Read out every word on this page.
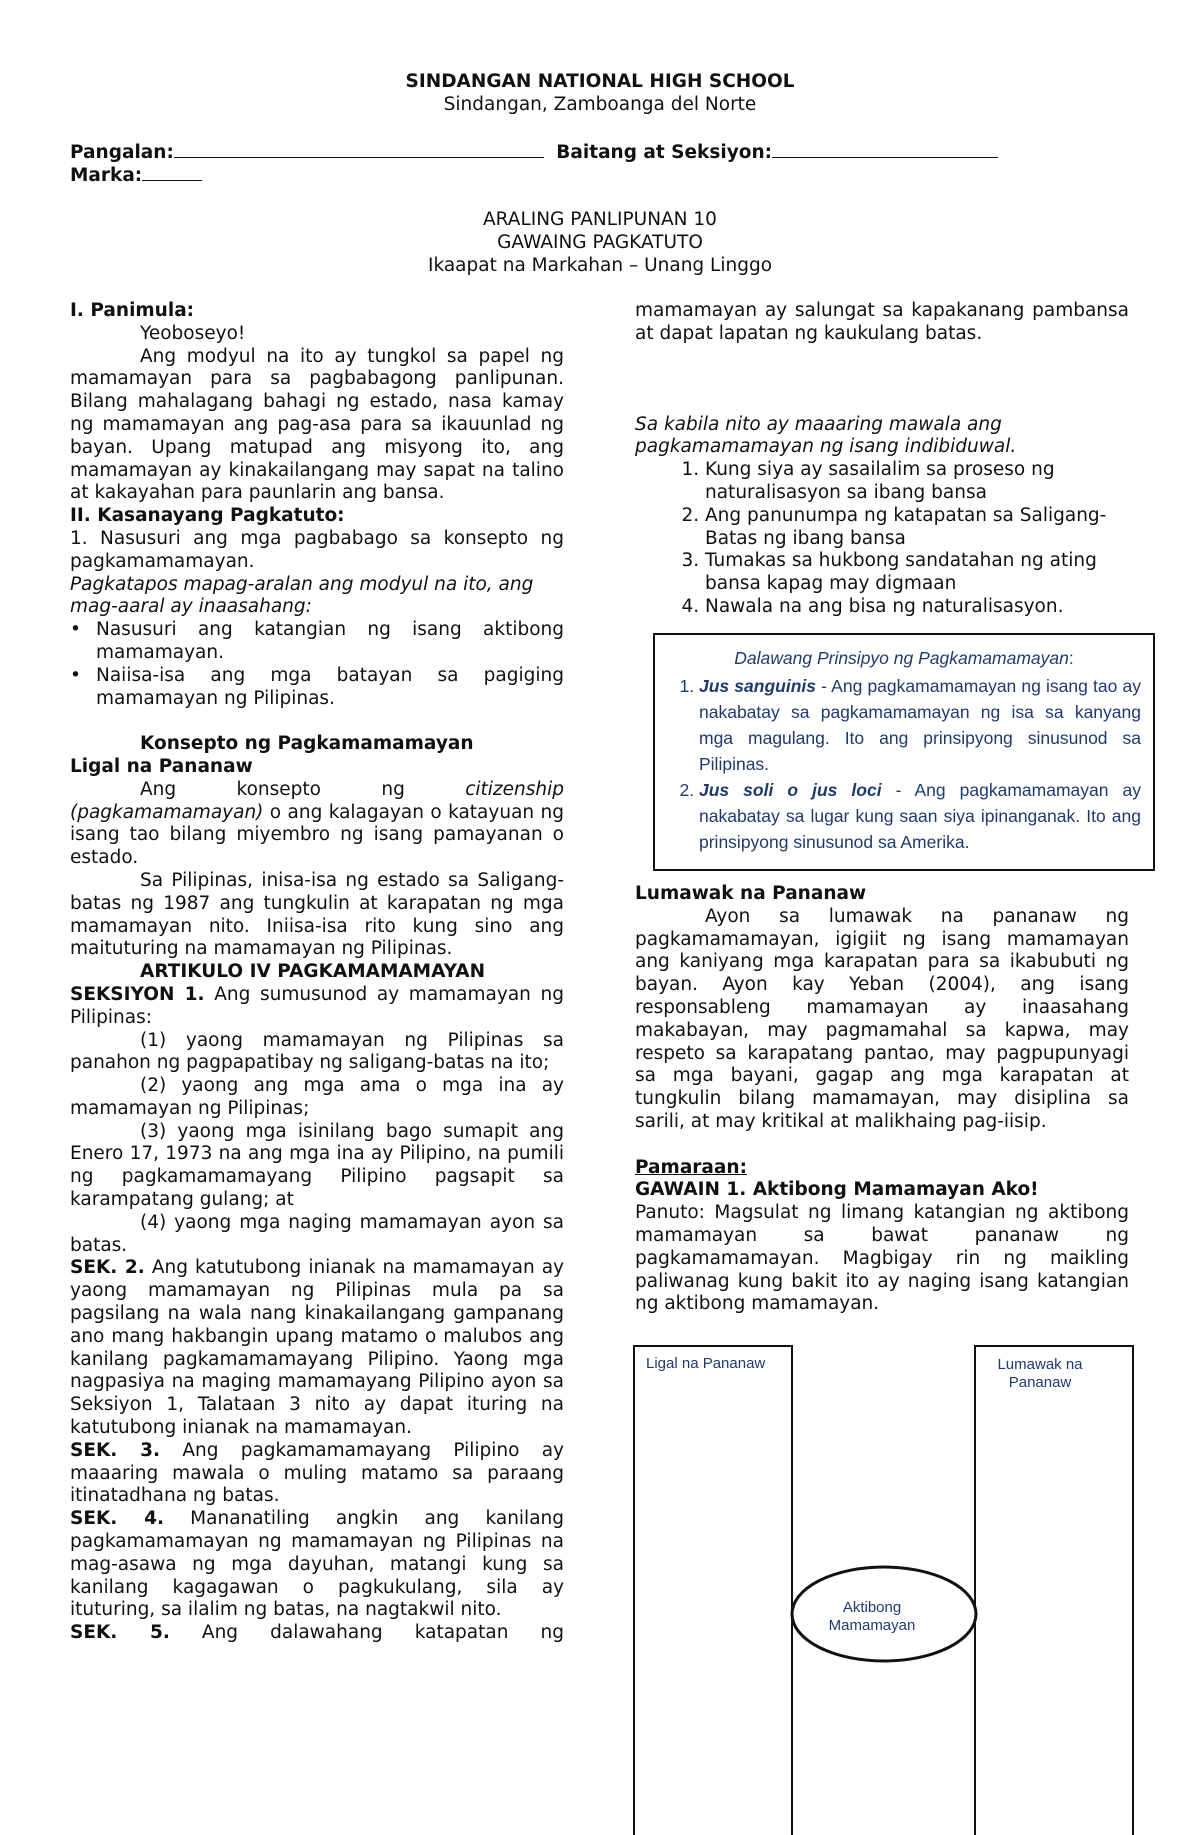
SINDANGAN NATIONAL HIGH SCHOOL
Sindangan, Zamboanga del Norte
Pangalan:	Baitang at Seksiyon:
Marka:
ARALING PANLIPUNAN 10
GAWAING PAGKATUTO
Ikaapat na Markahan – Unang Linggo

I. Panimula:

Yeoboseyo!

Ang modyul na ito ay tungkol sa papel ng mamamayan para sa pagbabagong panlipunan. Bilang mahalagang bahagi ng estado, nasa kamay ng mamamayan ang pag-asa para sa ikauunlad ng bayan. Upang matupad ang misyong ito, ang mamamayan ay kinakailangang may sapat na talino at kakayahan para paunlarin ang bansa.

II. Kasanayang Pagkatuto:

1. Nasusuri ang mga pagbabago sa konsepto ng pagkamamamayan.

Pagkatapos mapag-aralan ang modyul na ito, ang mag-aaral ay inaasahang:

• Nasusuri ang katangian ng isang aktibong mamamayan.
• Naiisa-isa ang mga batayan sa pagiging mamamayan ng Pilipinas.

Konsepto ng Pagkamamamayan

Ligal na Pananaw

Ang konsepto ng citizenship (pagkamamamayan) o ang kalagayan o katayuan ng isang tao bilang miyembro ng isang pamayanan o estado.

Sa Pilipinas, inisa-isa ng estado sa Saligang-batas ng 1987 ang tungkulin at karapatan ng mga mamamayan nito. Iniisa-isa rito kung sino ang maituturing na mamamayan ng Pilipinas.

ARTIKULO IV PAGKAMAMAMAYAN

SEKSIYON 1. Ang sumusunod ay mamamayan ng Pilipinas:

(1) yaong mamamayan ng Pilipinas sa panahon ng pagpapatibay ng saligang-batas na ito;

(2) yaong ang mga ama o mga ina ay mamamayan ng Pilipinas;

(3) yaong mga isinilang bago sumapit ang Enero 17, 1973 na ang mga ina ay Pilipino, na pumili ng pagkamamamayang Pilipino pagsapit sa karampatang gulang; at

(4) yaong mga naging mamamayan ayon sa batas.

SEK. 2. Ang katutubong inianak na mamamayan ay yaong mamamayan ng Pilipinas mula pa sa pagsilang na wala nang kinakailangang gampanang ano mang hakbangin upang matamo o malubos ang kanilang pagkamamamayang Pilipino. Yaong mga nagpasiya na maging mamamayang Pilipino ayon sa Seksiyon 1, Talataan 3 nito ay dapat ituring na katutubong inianak na mamamayan.

SEK. 3. Ang pagkamamamayang Pilipino ay maaaring mawala o muling matamo sa paraang itinatadhana ng batas.

SEK. 4. Mananatiling angkin ang kanilang pagkamamamayan ng mamamayan ng Pilipinas na mag-asawa ng mga dayuhan, matangi kung sa kanilang kagagawan o pagkukulang, sila ay ituturing, sa ilalim ng batas, na nagtakwil nito.

SEK. 5. Ang dalawahang katapatan ng

mamamayan ay salungat sa kapakanang pambansa at dapat lapatan ng kaukulang batas.

Sa kabila nito ay maaaring mawala ang pagkamamamayan ng isang indibiduwal.

1. Kung siya ay sasailalim sa proseso ng naturalisasyon sa ibang bansa
2. Ang panunumpa ng katapatan sa Saligang-Batas ng ibang bansa
3. Tumakas sa hukbong sandatahan ng ating bansa kapag may digmaan
4. Nawala na ang bisa ng naturalisasyon.
Dalawang Prinsipyo ng Pagkamamamayan:
1. Jus sanguinis - Ang pagkamamamayan ng isang tao ay nakabatay sa pagkamamamayan ng isa sa kanyang mga magulang. Ito ang prinsipyong sinusunod sa Pilipinas.
2. Jus soli o jus loci - Ang pagkamamamayan ay nakabatay sa lugar kung saan siya ipinanganak. Ito ang prinsipyong sinusunod sa Amerika.

Lumawak na Pananaw

Ayon sa lumawak na pananaw ng pagkamamamayan, igigiit ng isang mamamayan ang kaniyang mga karapatan para sa ikabubuti ng bayan. Ayon kay Yeban (2004), ang isang responsableng mamamayan ay inaasahang makabayan, may pagmamahal sa kapwa, may respeto sa karapatang pantao, may pagpupunyagi sa mga bayani, gagap ang mga karapatan at tungkulin bilang mamamayan, may disiplina sa sarili, at may kritikal at malikhaing pag-iisip.

Pamaraan:

GAWAIN 1. Aktibong Mamamayan Ako!

Panuto: Magsulat ng limang katangian ng aktibong mamamayan sa bawat pananaw ng pagkamamamayan. Magbigay rin ng maikling paliwanag kung bakit ito ay naging isang katangian ng aktibong mamamayan.

Ligal na Pananaw	Lumawak na
Pananaw
Aktibong
Mamamayan
